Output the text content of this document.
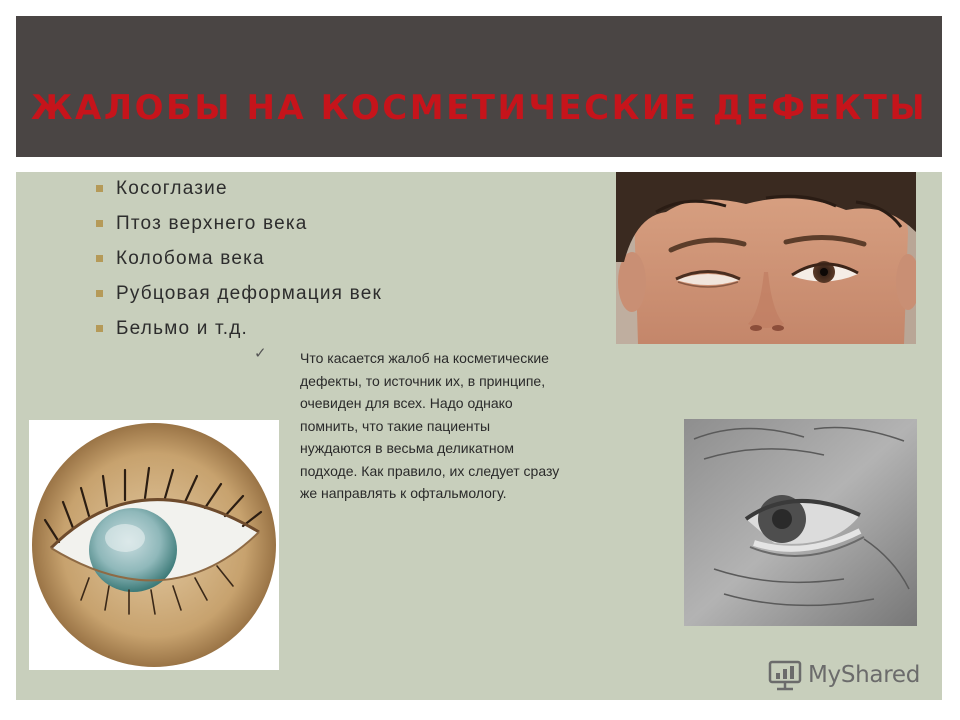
ЖАЛОБЫ НА КОСМЕТИЧЕСКИЕ ДЕФЕКТЫ
Косоглазие
Птоз верхнего века
Колобома века
Рубцовая деформация век
Бельмо и т.д.
✓ Что касается жалоб на косметические
дефекты, то источник их, в принципе,
очевиден для всех. Надо однако
помнить, что такие пациенты
нуждаются в весьма деликатном
подходе. Как правило, их следует сразу
же направлять к офтальмологу.

MyShared
